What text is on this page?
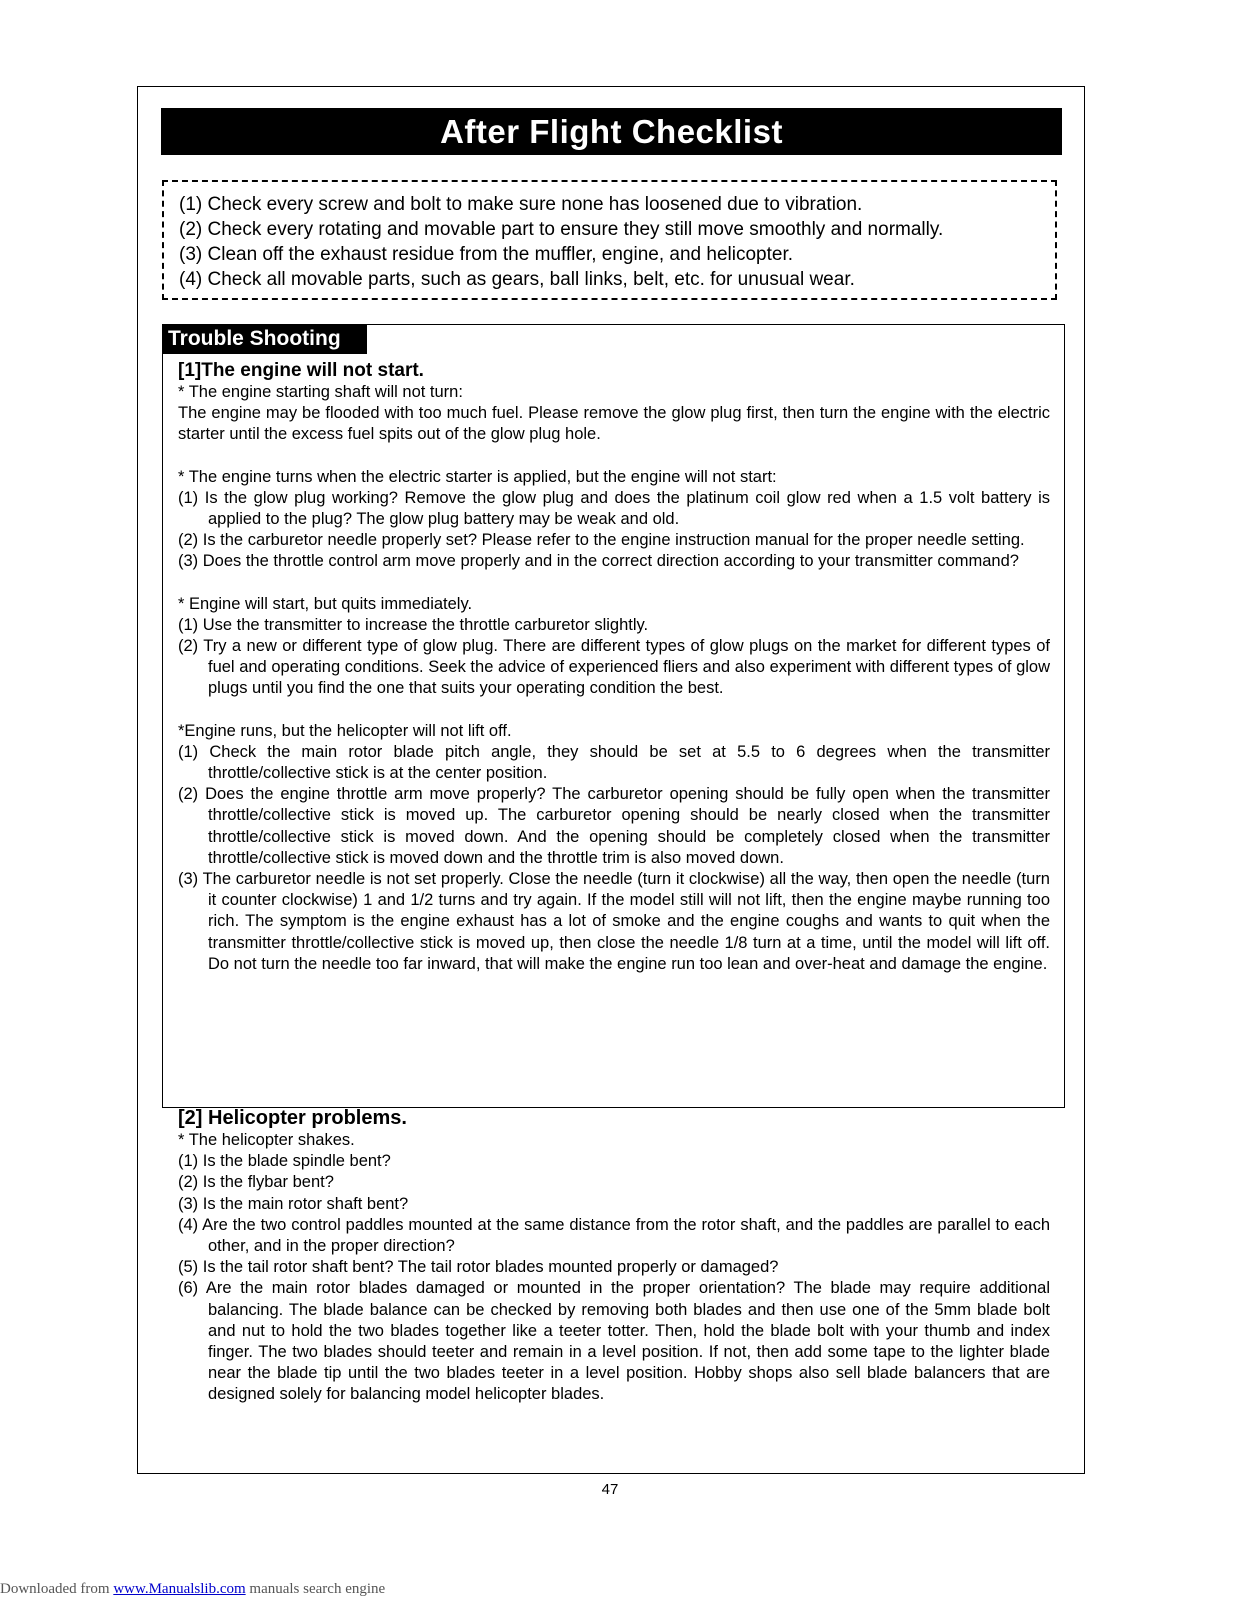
After Flight Checklist
(1) Check every screw and bolt to make sure none has loosened due to vibration.
(2) Check every rotating and movable part to ensure they still move smoothly and normally.
(3) Clean off the exhaust residue from the muffler, engine, and helicopter.
(4) Check all movable parts, such as gears, ball links, belt, etc. for unusual wear.
Trouble Shooting
[1]The engine will not start.
* The engine starting shaft will not turn:
The engine may be flooded with too much fuel. Please remove the glow plug first, then turn the engine with the electric starter until the excess fuel spits out of the glow plug hole.
* The engine turns when the electric starter is applied, but the engine will not start:
(1) Is the glow plug working? Remove the glow plug and does the platinum coil glow red when a 1.5 volt battery is applied to the plug? The glow plug battery may be weak and old.
(2) Is the carburetor needle properly set? Please refer to the engine instruction manual for the proper needle setting.
(3) Does the throttle control arm move properly and in the correct direction according to your transmitter command?
* Engine will start, but quits immediately.
(1) Use the transmitter to increase the throttle carburetor slightly.
(2) Try a new or different type of glow plug. There are different types of glow plugs on the market for different types of fuel and operating conditions. Seek the advice of experienced fliers and also experiment with different types of glow plugs until you find the one that suits your operating condition the best.
*Engine runs, but the helicopter will not lift off.
(1) Check the main rotor blade pitch angle, they should be set at 5.5 to 6 degrees when the transmitter throttle/collective stick is at the center position.
(2) Does the engine throttle arm move properly? The carburetor opening should be fully open when the transmitter throttle/collective stick is moved up. The carburetor opening should be nearly closed when the transmitter throttle/collective stick is moved down. And the opening should be completely closed when the transmitter throttle/collective stick is moved down and the throttle trim is also moved down.
(3) The carburetor needle is not set properly. Close the needle (turn it clockwise) all the way, then open the needle (turn it counter clockwise) 1 and 1/2 turns and try again. If the model still will not lift, then the engine maybe running too rich. The symptom is the engine exhaust has a lot of smoke and the engine coughs and wants to quit when the transmitter throttle/collective stick is moved up, then close the needle 1/8 turn at a time, until the model will lift off. Do not turn the needle too far inward, that will make the engine run too lean and over-heat and damage the engine.
[2] Helicopter problems.
* The helicopter shakes.
(1) Is the blade spindle bent?
(2) Is the flybar bent?
(3) Is the main rotor shaft bent?
(4) Are the two control paddles mounted at the same distance from the rotor shaft, and the paddles are parallel to each other, and in the proper direction?
(5) Is the tail rotor shaft bent? The tail rotor blades mounted properly or damaged?
(6) Are the main rotor blades damaged or mounted in the proper orientation? The blade may require additional balancing. The blade balance can be checked by removing both blades and then use one of the 5mm blade bolt and nut to hold the two blades together like a teeter totter. Then, hold the blade bolt with your thumb and index finger. The two blades should teeter and remain in a level position. If not, then add some tape to the lighter blade near the blade tip until the two blades teeter in a level position. Hobby shops also sell blade balancers that are designed solely for balancing model helicopter blades.
47
Downloaded from www.Manualslib.com manuals search engine
